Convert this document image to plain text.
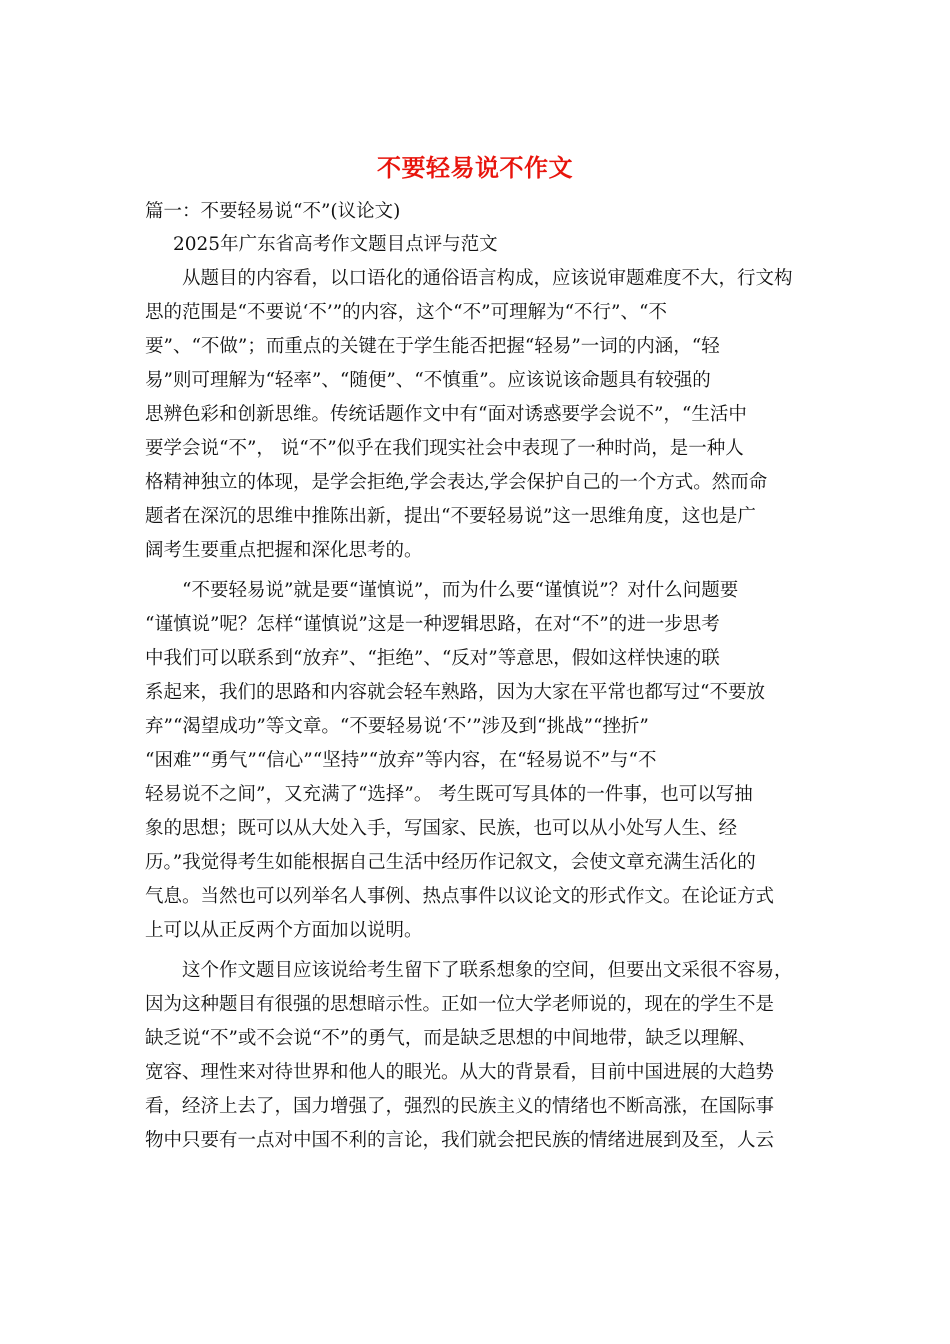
不要轻易说不作文
篇一：不要轻易说“不”(议论文)
2025年广东省高考作文题目点评与范文
　　从题目的内容看，以口语化的通俗语言构成，应该说审题难度不大，行文构
思的范围是“不要说‘不’”的内容，这个“不”可理解为“不行”、“不
要”、“不做”；而重点的关键在于学生能否把握“轻易”一词的内涵，“轻
易”则可理解为“轻率”、“随便”、“不慎重”。应该说该命题具有较强的
思辨色彩和创新思维。传统话题作文中有“面对诱惑要学会说不”，“生活中
要学会说“不”， 说“不”似乎在我们现实社会中表现了一种时尚，是一种人
格精神独立的体现，是学会拒绝,学会表达,学会保护自己的一个方式。然而命
题者在深沉的思维中推陈出新，提出“不要轻易说”这一思维角度，这也是广
阔考生要重点把握和深化思考的。
　　“不要轻易说”就是要“谨慎说”，而为什么要“谨慎说”？对什么问题要
“谨慎说”呢？怎样“谨慎说”这是一种逻辑思路，在对“不”的进一步思考
中我们可以联系到“放弃”、“拒绝”、“反对”等意思，假如这样快速的联
系起来，我们的思路和内容就会轻车熟路，因为大家在平常也都写过“不要放
弃”“渴望成功”等文章。“不要轻易说‘不’”涉及到“挑战”“挫折”
“困难”“勇气”“信心”“坚持”“放弃”等内容，在“轻易说不”与“不
轻易说不之间”，又充满了“选择”。 考生既可写具体的一件事，也可以写抽
象的思想；既可以从大处入手，写国家、民族，也可以从小处写人生、经
历。”我觉得考生如能根据自己生活中经历作记叙文，会使文章充满生活化的
气息。当然也可以列举名人事例、热点事件以议论文的形式作文。在论证方式
上可以从正反两个方面加以说明。
　　这个作文题目应该说给考生留下了联系想象的空间，但要出文采很不容易，
因为这种题目有很强的思想暗示性。正如一位大学老师说的，现在的学生不是
缺乏说“不”或不会说“不”的勇气，而是缺乏思想的中间地带，缺乏以理解、
宽容、理性来对待世界和他人的眼光。从大的背景看，目前中国进展的大趋势
看，经济上去了，国力增强了，强烈的民族主义的情绪也不断高涨，在国际事
物中只要有一点对中国不利的言论，我们就会把民族的情绪进展到及至，人云
